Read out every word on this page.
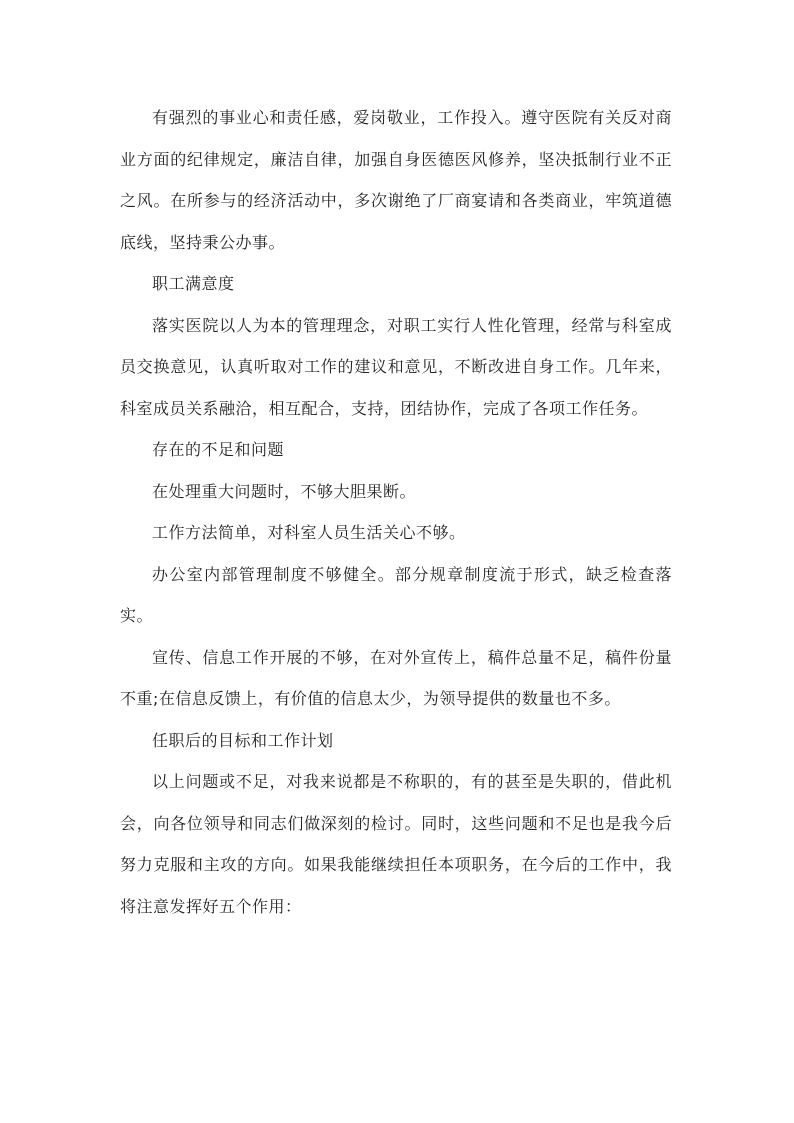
有强烈的事业心和责任感，爱岗敬业，工作投入。遵守医院有关反对商业方面的纪律规定，廉洁自律，加强自身医德医风修养，坚决抵制行业不正之风。在所参与的经济活动中，多次谢绝了厂商宴请和各类商业，牢筑道德底线，坚持秉公办事。

职工满意度

落实医院以人为本的管理理念，对职工实行人性化管理，经常与科室成员交换意见，认真听取对工作的建议和意见，不断改进自身工作。几年来，科室成员关系融洽，相互配合，支持，团结协作，完成了各项工作任务。

存在的不足和问题

在处理重大问题时，不够大胆果断。

工作方法简单，对科室人员生活关心不够。

办公室内部管理制度不够健全。部分规章制度流于形式，缺乏检查落实。

宣传、信息工作开展的不够，在对外宣传上，稿件总量不足，稿件份量不重;在信息反馈上，有价值的信息太少，为领导提供的数量也不多。

任职后的目标和工作计划

以上问题或不足，对我来说都是不称职的，有的甚至是失职的，借此机会，向各位领导和同志们做深刻的检讨。同时，这些问题和不足也是我今后努力克服和主攻的方向。如果我能继续担任本项职务，在今后的工作中，我将注意发挥好五个作用：
